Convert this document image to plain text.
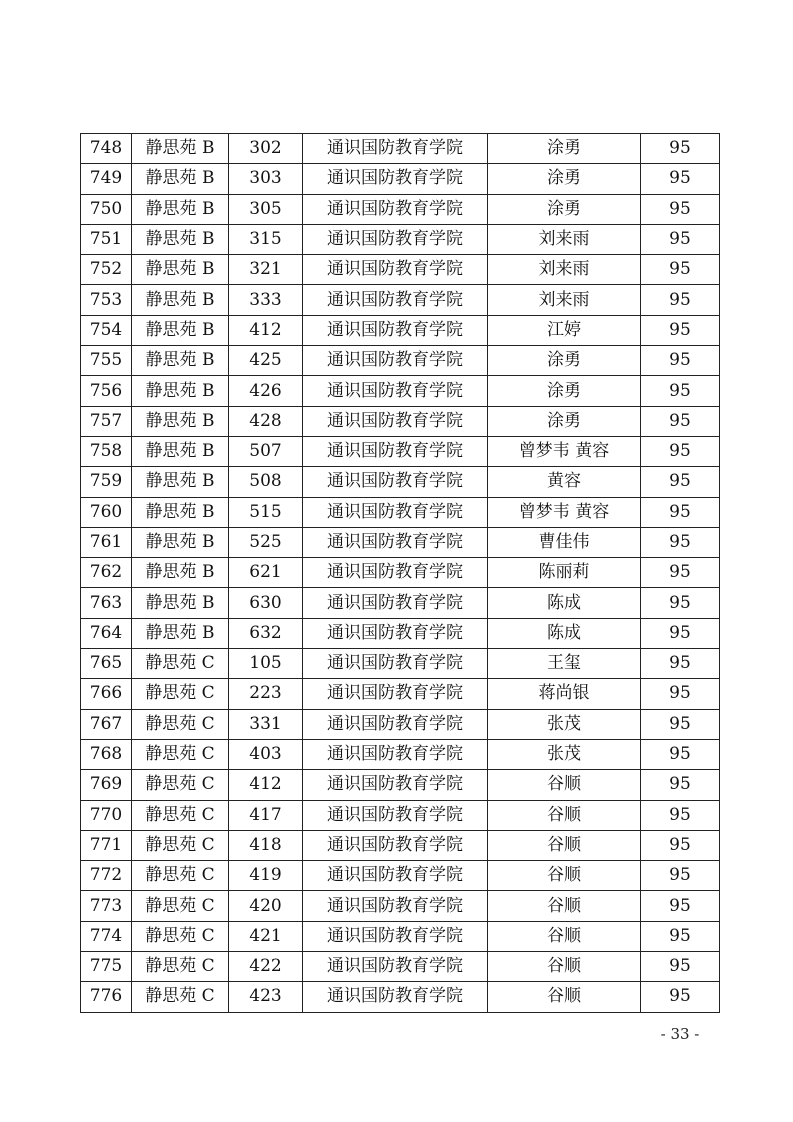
748	静思苑 B	302	通识国防教育学院	涂勇	95
749	静思苑 B	303	通识国防教育学院	涂勇	95
750	静思苑 B	305	通识国防教育学院	涂勇	95
751	静思苑 B	315	通识国防教育学院	刘来雨	95
752	静思苑 B	321	通识国防教育学院	刘来雨	95
753	静思苑 B	333	通识国防教育学院	刘来雨	95
754	静思苑 B	412	通识国防教育学院	江婷	95
755	静思苑 B	425	通识国防教育学院	涂勇	95
756	静思苑 B	426	通识国防教育学院	涂勇	95
757	静思苑 B	428	通识国防教育学院	涂勇	95
758	静思苑 B	507	通识国防教育学院	曾梦韦 黄容	95
759	静思苑 B	508	通识国防教育学院	黄容	95
760	静思苑 B	515	通识国防教育学院	曾梦韦 黄容	95
761	静思苑 B	525	通识国防教育学院	曹佳伟	95
762	静思苑 B	621	通识国防教育学院	陈丽莉	95
763	静思苑 B	630	通识国防教育学院	陈成	95
764	静思苑 B	632	通识国防教育学院	陈成	95
765	静思苑 C	105	通识国防教育学院	王玺	95
766	静思苑 C	223	通识国防教育学院	蒋尚银	95
767	静思苑 C	331	通识国防教育学院	张茂	95
768	静思苑 C	403	通识国防教育学院	张茂	95
769	静思苑 C	412	通识国防教育学院	谷顺	95
770	静思苑 C	417	通识国防教育学院	谷顺	95
771	静思苑 C	418	通识国防教育学院	谷顺	95
772	静思苑 C	419	通识国防教育学院	谷顺	95
773	静思苑 C	420	通识国防教育学院	谷顺	95
774	静思苑 C	421	通识国防教育学院	谷顺	95
775	静思苑 C	422	通识国防教育学院	谷顺	95
776	静思苑 C	423	通识国防教育学院	谷顺	95
- 33 -
